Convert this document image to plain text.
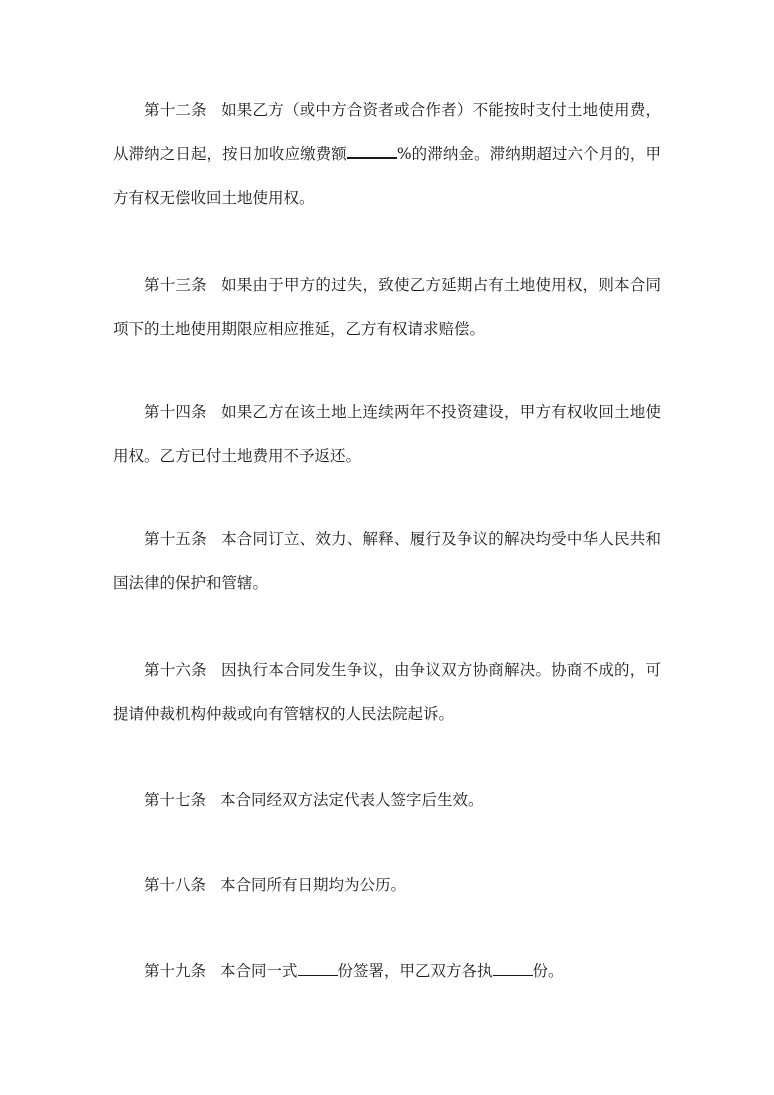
第十二条 如果乙方（或中方合资者或合作者）不能按时支付土地使用费，从滞纳之日起，按日加收应缴费额	%的滞纳金。滞纳期超过六个月的，甲方有权无偿收回土地使用权。

第十三条 如果由于甲方的过失，致使乙方延期占有土地使用权，则本合同项下的土地使用期限应相应推延，乙方有权请求赔偿。

第十四条 如果乙方在该土地上连续两年不投资建设，甲方有权收回土地使用权。乙方已付土地费用不予返还。

第十五条 本合同订立、效力、解释、履行及争议的解决均受中华人民共和国法律的保护和管辖。

第十六条 因执行本合同发生争议，由争议双方协商解决。协商不成的，可提请仲裁机构仲裁或向有管辖权的人民法院起诉。

第十七条 本合同经双方法定代表人签字后生效。

第十八条 本合同所有日期均为公历。

第十九条 本合同一式	份签署，甲乙双方各执	份。
